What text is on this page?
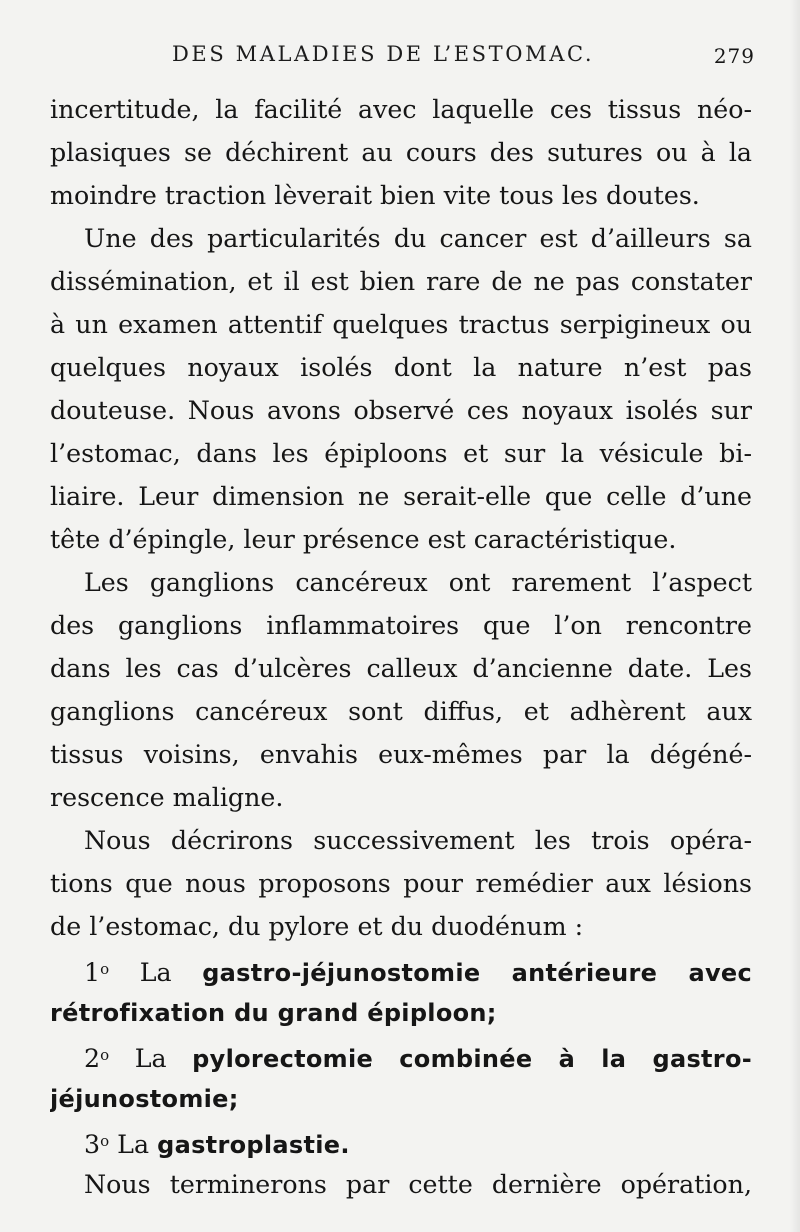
DES MALADIES DE L’ESTOMAC.	279
incertitude, la facilité avec laquelle ces tissus néo-
plasiques se déchirent au cours des sutures ou à la
moindre traction lèverait bien vite tous les doutes.
Une des particularités du cancer est d’ailleurs sa
dissémination, et il est bien rare de ne pas constater
à un examen attentif quelques tractus serpigineux ou
quelques noyaux isolés dont la nature n’est pas
douteuse. Nous avons observé ces noyaux isolés sur
l’estomac, dans les épiploons et sur la vésicule bi-
liaire. Leur dimension ne serait-elle que celle d’une
tête d’épingle, leur présence est caractéristique.
Les ganglions cancéreux ont rarement l’aspect
des ganglions inflammatoires que l’on rencontre
dans les cas d’ulcères calleux d’ancienne date. Les
ganglions cancéreux sont diffus, et adhèrent aux
tissus voisins, envahis eux-mêmes par la dégéné-
rescence maligne.
Nous décrirons successivement les trois opéra-
tions que nous proposons pour remédier aux lésions
de l’estomac, du pylore et du duodénum :
1$^o$ La gastro-jéjunostomie antérieure avec
rétrofixation du grand épiploon;
2$^o$ La pylorectomie combinée à la gastro-
jéjunostomie;
3$^o$ La gastroplastie.
Nous terminerons par cette dernière opération,
